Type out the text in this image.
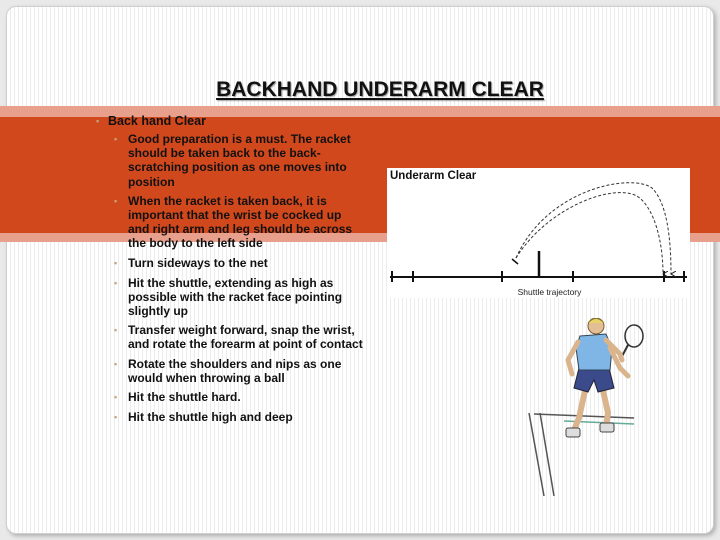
BACKHAND UNDERARM CLEAR
• Back hand Clear
• Good preparation is a must. The racket should be taken back to the back-scratching position as one moves into position
• When the racket is taken back, it is important that the wrist be cocked up and right arm and leg should be across the body to the left side
• Turn sideways to the net
• Hit the shuttle, extending as high as possible with the racket face pointing slightly up
• Transfer weight forward, snap the wrist, and rotate the forearm at point of contact
• Rotate the shoulders and nips as one would when throwing a ball
• Hit the shuttle hard.
• Hit the shuttle high and deep
Underarm Clear
Shuttle trajectory
